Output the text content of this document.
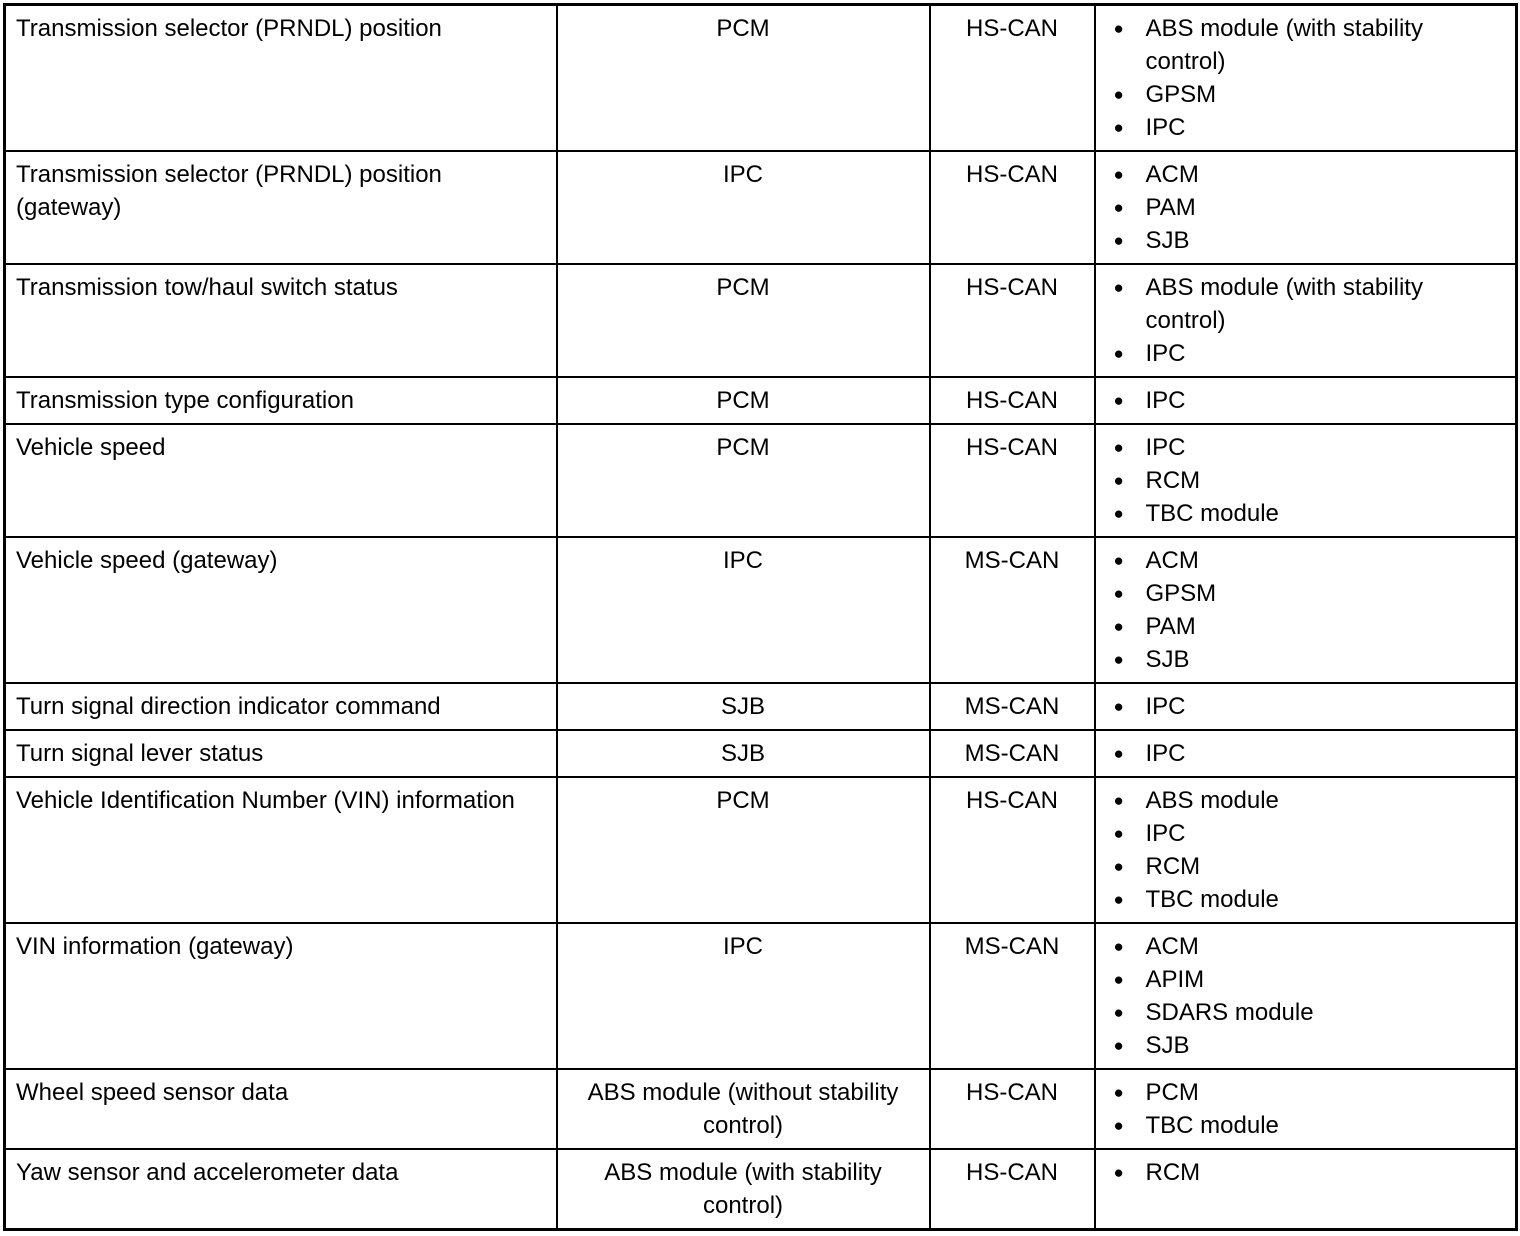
Transmission selector (PRNDL) position	PCM	HS-CAN	● ABS module (with stability control)
● GPSM
● IPC

Transmission selector (PRNDL) position (gateway)	IPC	HS-CAN	● ACM
● PAM
● SJB

Transmission tow/haul switch status	PCM	HS-CAN	● ABS module (with stability control)
● IPC

Transmission type configuration	PCM	HS-CAN	● IPC

Vehicle speed	PCM	HS-CAN	● IPC
● RCM
● TBC module

Vehicle speed (gateway)	IPC	MS-CAN	● ACM
● GPSM
● PAM
● SJB

Turn signal direction indicator command	SJB	MS-CAN	● IPC

Turn signal lever status	SJB	MS-CAN	● IPC

Vehicle Identification Number (VIN) information	PCM	HS-CAN	● ABS module
● IPC
● RCM
● TBC module

VIN information (gateway)	IPC	MS-CAN	● ACM
● APIM
● SDARS module
● SJB

Wheel speed sensor data	ABS module (without stability control)	HS-CAN	● PCM
● TBC module

Yaw sensor and accelerometer data	ABS module (with stability control)	HS-CAN	● RCM
